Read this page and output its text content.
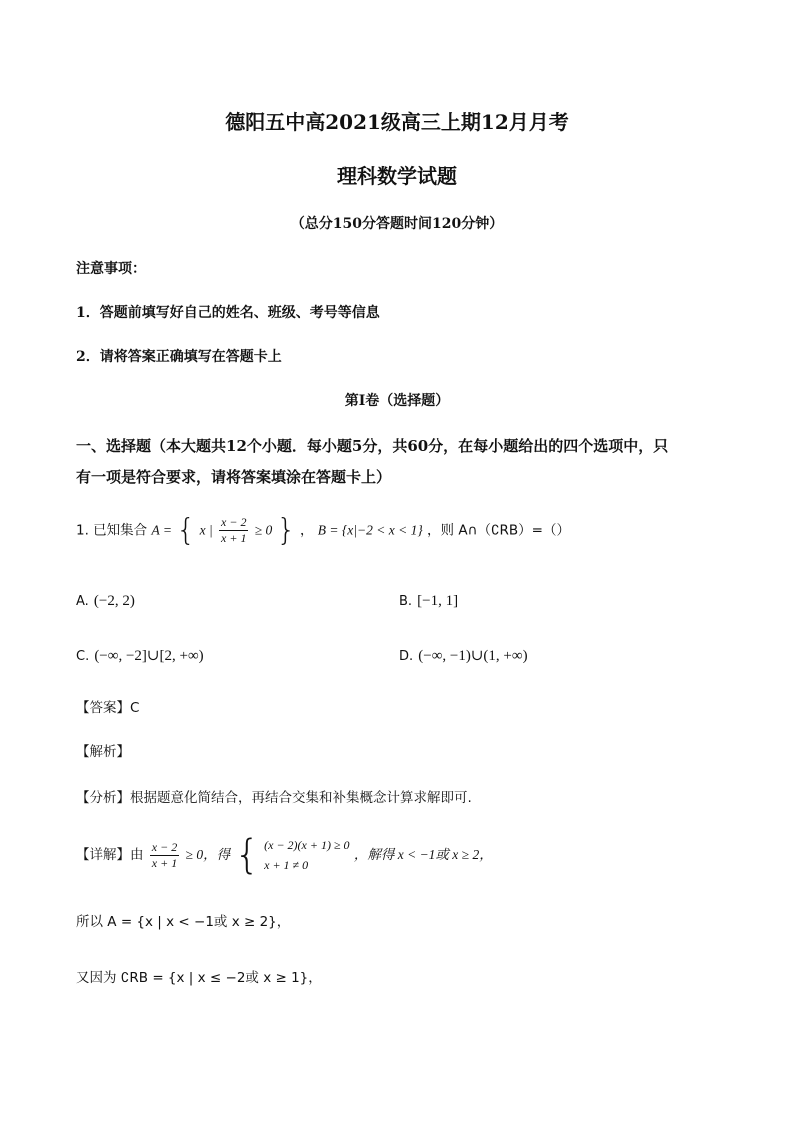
德阳五中高2021级高三上期12月月考
理科数学试题
（总分150分答题时间120分钟）
注意事项：
1．答题前填写好自己的姓名、班级、考号等信息
2．请将答案正确填写在答题卡上
第I卷（选择题）
一、选择题（本大题共12个小题．每小题5分，共60分，在每小题给出的四个选项中，只
有一项是符合要求，请将答案填涂在答题卡上）
1. 已知集合 A = { x | $\frac{x - 2}{x + 1} \ge 0$ } ， B = {x|−2 < x < 1} ，则 A∩（∁RB）=（）
A. (−2, 2)	B. [−1, 1]
C. (−∞, −2]∪[2, +∞)	D. (−∞, −1)∪(1, +∞)
【答案】C
【解析】
【分析】根据题意化简结合，再结合交集和补集概念计算求解即可.
【详解】由 $\frac{x - 2}{x + 1} \ge 0$，得 { (x − 2)(x + 1) ≥ 0
x + 1 ≠ 0
，解得 x < −1或 x ≥ 2，
所以 A = {x | x < −1或 x ≥ 2}，
又因为 ∁RB = {x | x ≤ −2或 x ≥ 1}，
